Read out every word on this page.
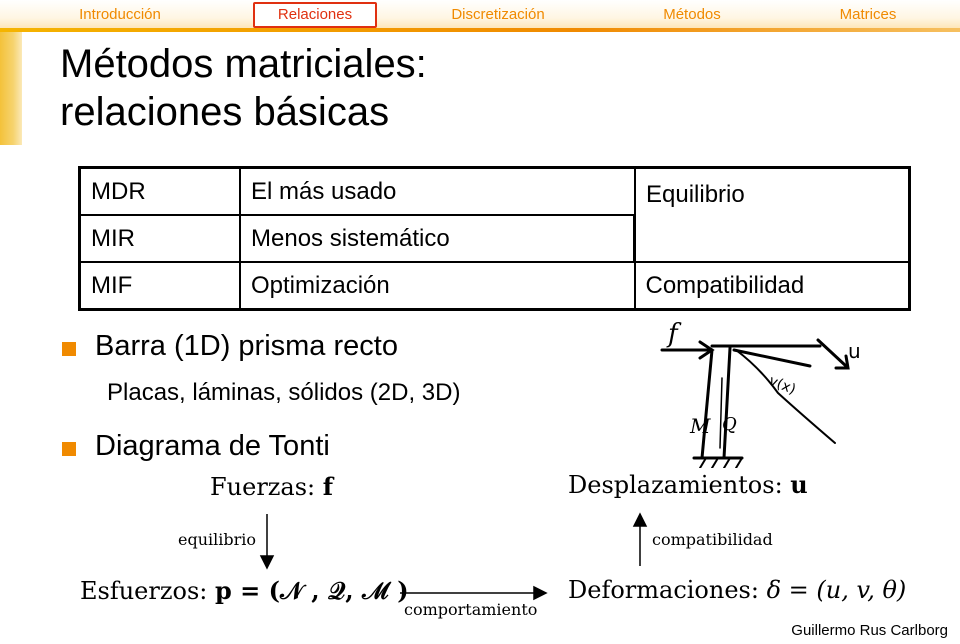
Introducción	Relaciones	Discretización	Métodos	Matrices
Métodos matriciales:
relaciones básicas
MDR	El más usado	Equilibrio
MIR	Menos sistemático	
MIF	Optimización	Compatibilidad
Barra (1D) prisma recto
Placas, láminas, sólidos (2D, 3D)
Diagrama de Tonti
f
u
v(x)
M Q
Fuerzas: f	Desplazamientos: u
equilibrio	compatibilidad
Esfuerzos: p = (𝒩 , 𝒬, ℳ )	Deformaciones: δ = (u, v, θ)
comportamiento
Guillermo Rus Carlborg
